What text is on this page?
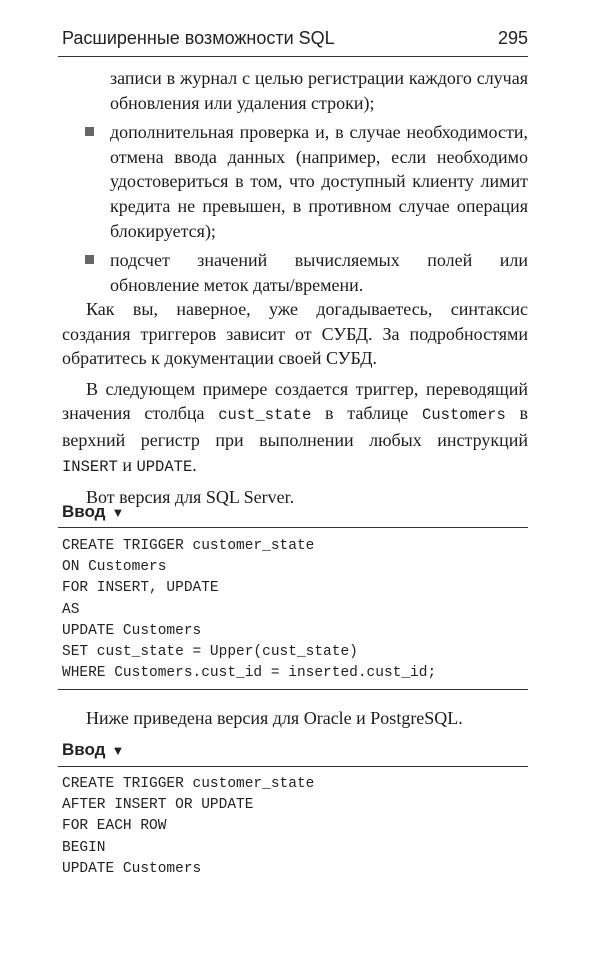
Расширенные возможности SQL	295
записи в журнал с целью регистрации каждого случая обновления или удаления строки);
дополнительная проверка и, в случае необходимости, отмена ввода данных (например, если необходимо удостовериться в том, что доступный клиенту лимит кредита не превышен, в противном случае операция блокируется);
подсчет значений вычисляемых полей или обновление меток даты/времени.

Как вы, наверное, уже догадываетесь, синтаксис создания триггеров зависит от СУБД. За подробностями обратитесь к документации своей СУБД.

В следующем примере создается триггер, переводящий значения столбца cust_state в таблице Customers в верхний регистр при выполнении любых инструкций INSERT и UPDATE.

Вот версия для SQL Server.

Ввод ▼
CREATE TRIGGER customer_state
ON Customers
FOR INSERT, UPDATE
AS
UPDATE Customers
SET cust_state = Upper(cust_state)
WHERE Customers.cust_id = inserted.cust_id;
Ниже приведена версия для Oracle и PostgreSQL.
Ввод ▼
CREATE TRIGGER customer_state
AFTER INSERT OR UPDATE
FOR EACH ROW
BEGIN
UPDATE Customers
